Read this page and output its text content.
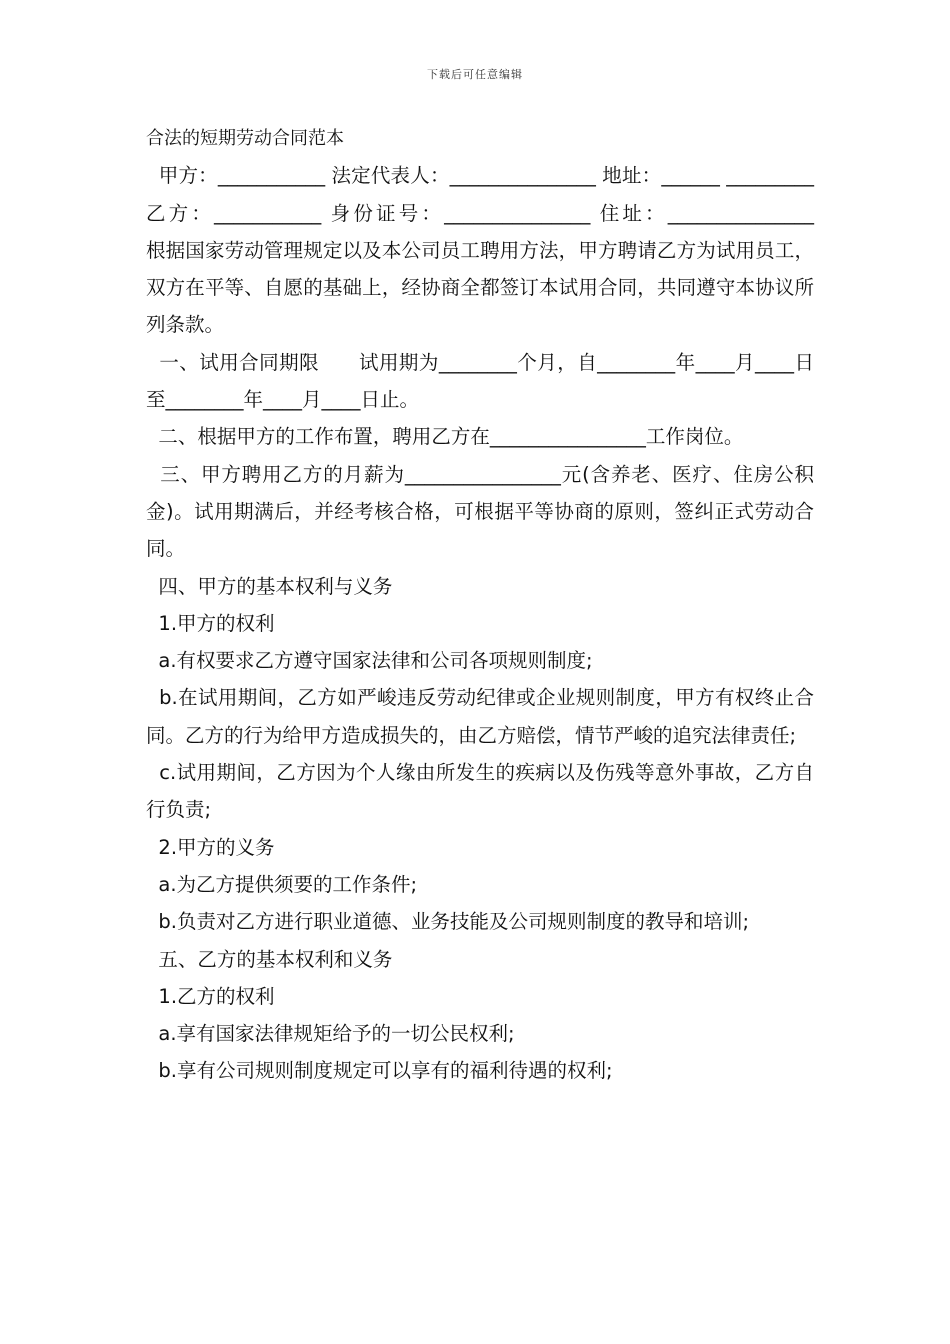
下载后可任意编辑

合法的短期劳动合同范本

甲方：___________ 法定代表人：_______________ 地址：______ _________       乙方：___________ 身份证号：_______________ 住址：_______________       根据国家劳动管理规定以及本公司员工聘用方法，甲方聘请乙方为试用员工，双方在平等、自愿的基础上，经协商全都签订本试用合同，共同遵守本协议所列条款。

一、试用合同期限      试用期为________个月，自________年____月____日至________年____月____日止。

二、根据甲方的工作布置，聘用乙方在________________工作岗位。

三、甲方聘用乙方的月薪为________________元(含养老、医疗、住房公积金)。试用期满后，并经考核合格，可根据平等协商的原则，签纠正式劳动合同。

四、甲方的基本权利与义务

1.甲方的权利

a.有权要求乙方遵守国家法律和公司各项规则制度;

b.在试用期间，乙方如严峻违反劳动纪律或企业规则制度，甲方有权终止合同。乙方的行为给甲方造成损失的，由乙方赔偿，情节严峻的追究法律责任;

c.试用期间，乙方因为个人缘由所发生的疾病以及伤残等意外事故，乙方自行负责;

2.甲方的义务

a.为乙方提供须要的工作条件;

b.负责对乙方进行职业道德、业务技能及公司规则制度的教导和培训;

五、乙方的基本权利和义务

1.乙方的权利

a.享有国家法律规矩给予的一切公民权利;

b.享有公司规则制度规定可以享有的福利待遇的权利;
